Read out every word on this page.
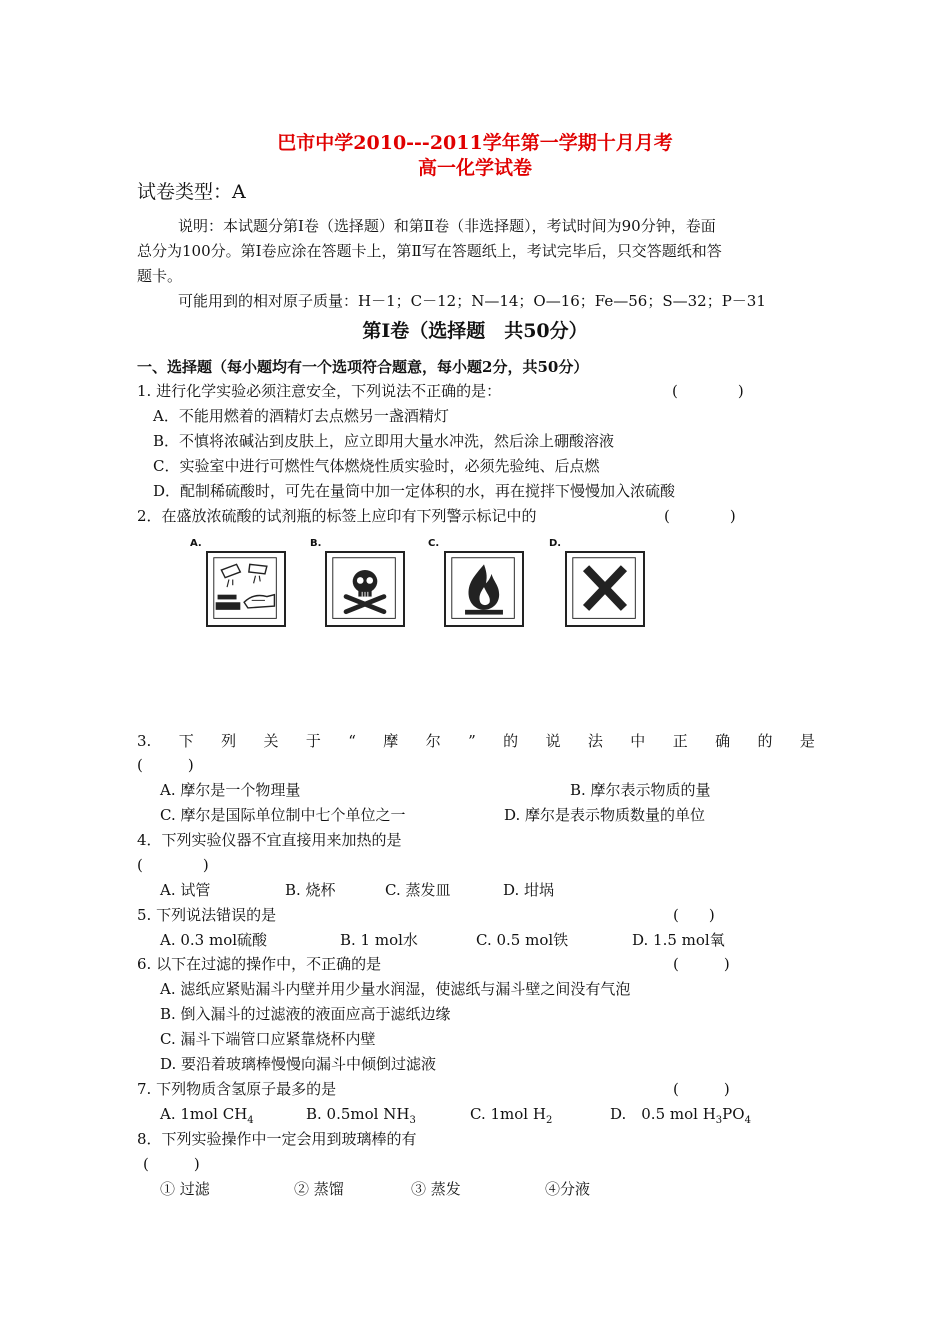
巴市中学2010---2011学年第一学期十月月考
高一化学试卷
试卷类型：A
说明：本试题分第Ⅰ卷（选择题）和第Ⅱ卷（非选择题），考试时间为90分钟，卷面
总分为100分。第Ⅰ卷应涂在答题卡上，第Ⅱ写在答题纸上，考试完毕后，只交答题纸和答
题卡。
可能用到的相对原子质量：H－1；C－12；N—14；O—16；Fe—56；S—32；P－31
第Ⅰ卷（选择题　共50分）
一、选择题（每小题均有一个选项符合题意，每小题2分，共50分）
1. 进行化学实验必须注意安全，下列说法不正确的是：	(　　　　)
A．不能用燃着的酒精灯去点燃另一盏酒精灯
B．不慎将浓碱沾到皮肤上，应立即用大量水冲洗，然后涂上硼酸溶液
C．实验室中进行可燃性气体燃烧性质实验时，必须先验纯、后点燃
D．配制稀硫酸时，可先在量筒中加一定体积的水，再在搅拌下慢慢加入浓硫酸
2．在盛放浓硫酸的试剂瓶的标签上应印有下列警示标记中的	(　　　　)
A.	B.	C.	D.
3. 下 列 关 于 “ 摩 尔 ” 的 说 法 中 正 确 的 是
(　　　)
A. 摩尔是一个物理量	B. 摩尔表示物质的量
C. 摩尔是国际单位制中七个单位之一	D. 摩尔是表示物质数量的单位
4．下列实验仪器不宜直接用来加热的是
(　　　　)
A. 试管	B. 烧杯	C. 蒸发皿	D. 坩埚
5. 下列说法错误的是	(　　)
A. 0.3 mol硫酸	B. 1 mol水	C. 0.5 mol铁	D. 1.5 mol氧
6. 以下在过滤的操作中，不正确的是	(　　　)
A. 滤纸应紧贴漏斗内壁并用少量水润湿，使滤纸与漏斗壁之间没有气泡
B. 倒入漏斗的过滤液的液面应高于滤纸边缘
C. 漏斗下端管口应紧靠烧杯内壁
D. 要沿着玻璃棒慢慢向漏斗中倾倒过滤液
7. 下列物质含氢原子最多的是	(　　　)
A. 1mol $CH_4$	B. 0.5mol $NH_3$	C. 1mol $H_2$	D.　0.5 mol $H_3PO_4$
8．下列实验操作中一定会用到玻璃棒的有
(　　　)
① 过滤	② 蒸馏	③ 蒸发	④分液
